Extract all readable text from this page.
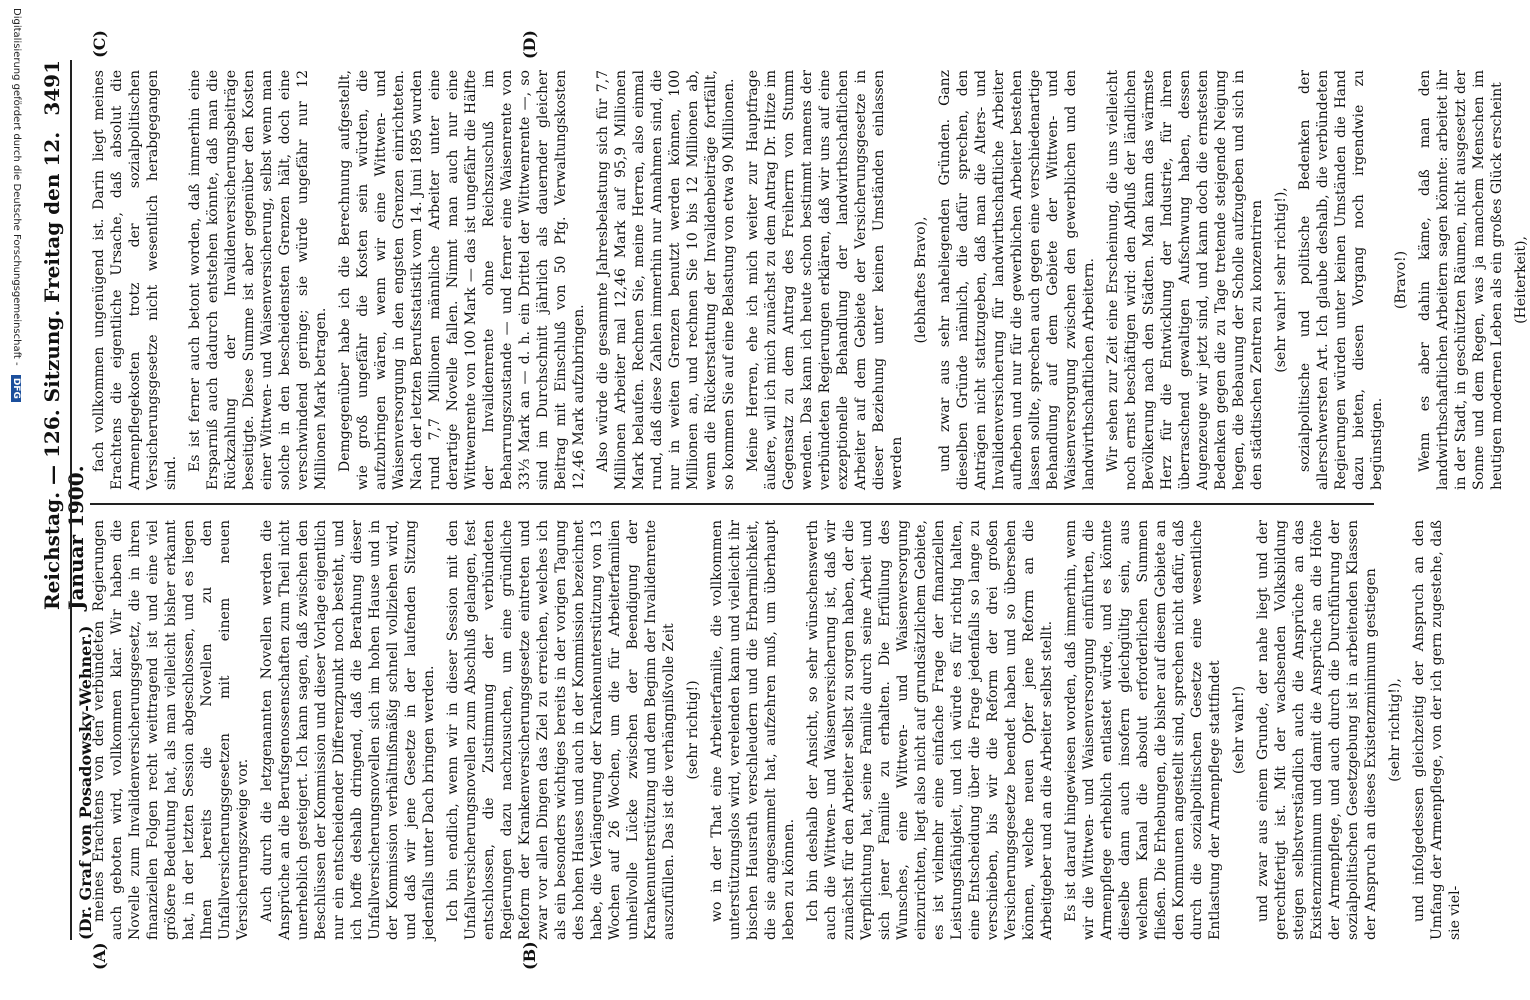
Reichstag. — 126. Sitzung. Freitag den 12. Januar 1900.
3491
(Dr. Graf von Posadowsky-Wehner.)
(A)	(B)
(C)	(D)

meines Erachtens von den verbündeten Regierungen auch geboten wird, vollkommen klar. Wir haben die Novelle zum Invalidenversicherungsgesetz, die in ihren finanziellen Folgen recht weittragend ist und eine viel größere Bedeutung hat, als man vielleicht bisher erkannt hat, in der letzten Session abgeschlossen, und es liegen Ihnen bereits die Novellen zu den Unfallversicherungsgesetzen mit einem neuen Versicherungszweige vor. Auch durch die letzgenannten Novellen werden die Ansprüche an die Berufsgenossenschaften zum Theil nicht unerheblich gesteigert. Ich kann sagen, daß zwischen den Beschlüssen der Kommission und dieser Vorlage eigentlich nur ein entscheidender Differenzpunkt noch besteht, und ich hoffe deshalb dringend, daß die Berathung dieser Unfallversicherungsnovellen sich im hohen Hause und in der Kommission verhältnißmäßig schnell vollziehen wird, und daß wir jene Gesetze in der laufenden Sitzung jedenfalls unter Dach bringen werden. Ich bin endlich, wenn wir in dieser Session mit den Unfallversicherungsnovellen zum Abschluß gelangen, fest entschlossen, die Zustimmung der verbündeten Regierungen dazu nachzusuchen, um eine gründliche Reform der Krankenversicherungsgesetze eintreten und zwar vor allen Dingen das Ziel zu erreichen, welches ich als ein besonders wichtiges bereits in der vorigen Tagung des hohen Hauses und auch in der Kommission bezeichnet habe, die Verlängerung der Krankenunterstützung von 13 Wochen auf 26 Wochen, um die für Arbeiterfamilien unheilvolle Lücke zwischen der Beendigung der Krankenunterstützung und dem Beginn der Invalidenrente auszufüllen. Das ist die verhängnißvolle Zeit (sehr richtig!) wo in der That eine Arbeiterfamilie, die vollkommen unterstützungslos wird, verelenden kann und vielleicht ihr bischen Hausrath verschleudern und die Erbarmlichkeit, die sie angesammelt hat, aufzehren muß, um überhaupt leben zu können. Ich bin deshalb der Ansicht, so sehr wünschenswerth auch die Wittwen- und Waisenversicherung ist, daß wir zunächst für den Arbeiter selbst zu sorgen haben, der die Verpflichtung hat, seine Familie durch seine Arbeit und sich jener Familie zu erhalten. Die Erfüllung des Wunsches, eine Wittwen- und Waisenversorgung einzurichten, liegt also nicht auf grundsätzlichem Gebiete, es ist vielmehr eine einfache Frage der finanziellen Leistungsfähigkeit, und ich würde es für richtig halten, eine Entscheidung über die Frage jedenfalls so lange zu verschieben, bis wir die Reform der drei großen Versicherungsgesetze beendet haben und so übersehen können, welche neuen Opfer jene Reform an die Arbeitgeber und an die Arbeiter selbst stellt. Es ist darauf hingewiesen worden, daß immerhin, wenn wir die Wittwen- und Waisenversorgung einführten, die Armenpflege erheblich entlastet würde, und es könnte dieselbe dann auch insofern gleichgültig sein, aus welchem Kanal die absolut erforderlichen Summen fließen. Die Erhebungen, die bisher auf diesem Gebiete an den Kommunen angestellt sind, sprechen nicht dafür, daß durch die sozialpolitischen Gesetze eine wesentliche Entlastung der Armenpflege stattfindet (sehr wahr!) und zwar aus einem Grunde, der nahe liegt und der gerechtfertigt ist. Mit der wachsenden Volksbildung steigen selbstverständlich auch die Ansprüche an das Existenzminimum und damit die Ansprüche an die Höhe der Armenpflege, und auch durch die Durchführung der sozialpolitischen Gesetzgebung ist in arbeitenden Klassen der Anspruch an dieses Existenzminimum gestiegen (sehr richtig!), und infolgedessen gleichzeitig der Anspruch an den Umfang der Armenpflege, von der ich gern zugestehe, daß sie viel-

fach vollkommen ungenügend ist. Darin liegt meines Erachtens die eigentliche Ursache, daß absolut die Armenpflegekosten trotz der sozialpolitischen Versicherungsgesetze nicht wesentlich herabgegangen sind.

Es ist ferner auch betont worden, daß immerhin eine Ersparniß auch dadurch entstehen könnte, daß man die Rückzahlung der Invalidenversicherungsbeiträge beseitigte. Diese Summe ist aber gegenüber den Kosten einer Wittwen- und Waisenversicherung, selbst wenn man solche in den bescheidensten Grenzen hält, doch eine verschwindend geringe; sie würde ungefähr nur 12 Millionen Mark betragen. Demgegenüber habe ich die Berechnung aufgestellt, wie groß ungefähr die Kosten sein würden, die aufzubringen wären, wenn wir eine Wittwen- und Waisenversorgung in den engsten Grenzen einrichteten. Nach der letzten Berufsstatistik vom 14. Juni 1895 wurden rund 7,7 Millionen männliche Arbeiter unter eine derartige Novelle fallen. Nimmt man auch nur eine Wittwenrente von 100 Mark — das ist ungefähr die Hälfte der Invalidenrente ohne Reichszuschuß im Beharrungszustande — und ferner eine Waisenrente von 33⅓ Mark an — d. h. ein Drittel der Wittwenrente —, so sind im Durchschnitt jährlich als dauernder gleicher Beitrag mit Einschluß von 50 Pfg. Verwaltungskosten 12,46 Mark aufzubringen. Also würde die gesammte Jahresbelastung sich für 7,7 Millionen Arbeiter mal 12,46 Mark auf 95,9 Millionen Mark belaufen. Rechnen Sie, meine Herren, also einmal rund, daß diese Zahlen immerhin nur Annahmen sind, die nur in weiten Grenzen benutzt werden können, 100 Millionen an, und rechnen Sie 10 bis 12 Millionen ab, wenn die Rückerstattung der Invalidenbeiträge fortfällt, so kommen Sie auf eine Belastung von etwa 90 Millionen. Meine Herren, ehe ich mich weiter zur Hauptfrage äußere, will ich mich zunächst zu dem Antrag Dr. Hitze im Gegensatz zu dem Antrag des Freiherrn von Stumm wenden. Das kann ich heute schon bestimmt namens der verbündeten Regierungen erklären, daß wir uns auf eine exzeptionelle Behandlung der landwirthschaftlichen Arbeiter auf dem Gebiete der Versicherungsgesetze in dieser Beziehung unter keinen Umständen einlassen werden

(lebhaftes Bravo), und zwar aus sehr naheliegenden Gründen. Ganz dieselben Gründe nämlich, die dafür sprechen, den Anträgen nicht stattzugeben, daß man die Alters- und Invalidenversicherung für landwirthschaftliche Arbeiter aufheben und nur für die gewerblichen Arbeiter bestehen lassen sollte, sprechen auch gegen eine verschiedenartige Behandlung auf dem Gebiete der Wittwen- und Waisenversorgung zwischen den gewerblichen und den landwirthschaftlichen Arbeitern. Wir sehen zur Zeit eine Erscheinung, die uns vielleicht noch ernst beschäftigen wird: den Abfluß der ländlichen Bevölkerung nach den Städten. Man kann das wärmste Herz für die Entwicklung der Industrie, für ihren überraschend gewaltigen Aufschwung haben, dessen Augenzeuge wir jetzt sind, und kann doch die ernstesten Bedenken gegen die zu Tage tretende steigende Neigung hegen, die Bebauung der Scholle aufzugeben und sich in den städtischen Zentren zu konzentriren (sehr wahr! sehr richtig!), sozialpolitische und politische Bedenken der allerschwersten Art. Ich glaube deshalb, die verbündeten Regierungen würden unter keinen Umständen die Hand dazu bieten, diesen Vorgang noch irgendwie zu begünstigen.

(Bravo!) Wenn es aber dahin käme, daß man den landwirthschaftlichen Arbeitern sagen könnte: arbeitet ihr in der Stadt, in geschützten Räumen, nicht ausgesetzt der Sonne und dem Regen, was ja manchem Menschen im heutigen modernen Leben als ein großes Glück erscheint (Heiterkeit),

Digitalisierung gefördert durch die Deutsche Forschungsgemeinschaft - DFG
